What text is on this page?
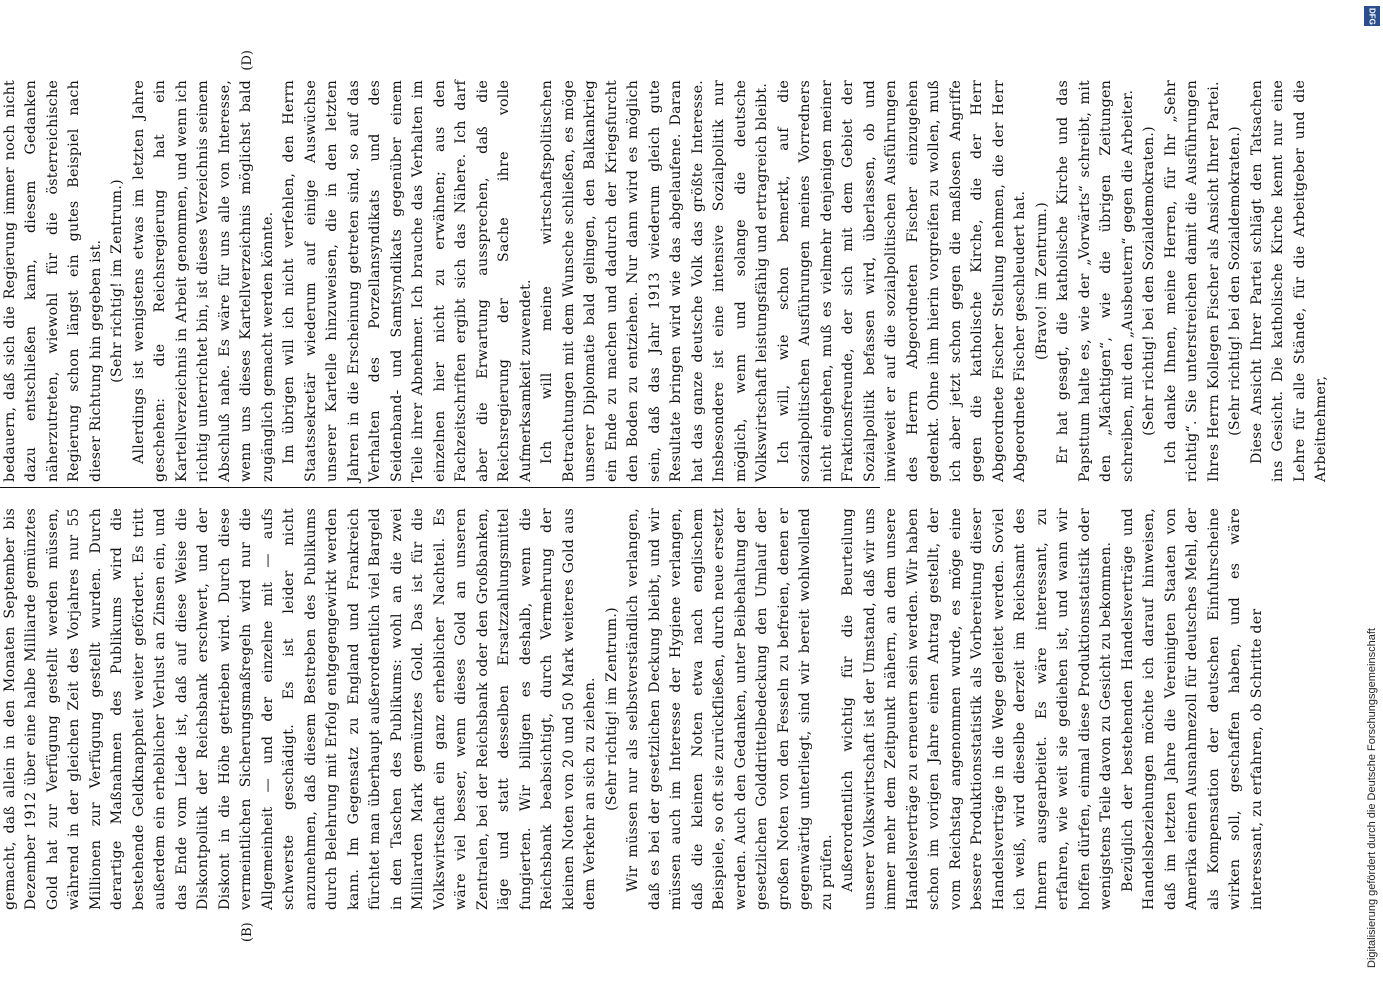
(B)
(D)

gemacht, daß allein in den Monaten September bis Dezember 1912 über eine halbe Milliarde gemünztes Gold hat zur Verfügung gestellt werden müssen, während in der gleichen Zeit des Vorjahres nur 55 Millionen zur Verfügung gestellt wurden. Durch derartige Maßnahmen des Publikums wird die bestehende Geldknappheit weiter gefördert. Es tritt außerdem ein erheblicher Verlust an Zinsen ein, und das Ende vom Liede ist, daß auf diese Weise die Diskontpolitik der Reichsbank erschwert, und der Diskont in die Höhe getrieben wird. Durch diese vermeintlichen Sicherungsmaßregeln wird nur die Allgemeinheit — und der einzelne mit — aufs schwerste geschädigt. Es ist leider nicht anzunehmen, daß diesem Bestreben des Publikums durch Belehrung mit Erfolg entgegengewirkt werden kann. Im Gegensatz zu England und Frankreich fürchtet man überhaupt außerordentlich viel Bargeld in den Taschen des Publikums: wohl an die zwei Milliarden Mark gemünztes Gold. Das ist für die Volkswirtschaft ein ganz erheblicher Nachteil. Es wäre viel besser, wenn dieses Gold an unseren Zentralen, bei der Reichsbank oder den Großbanken, läge und statt desselben Ersatzzahlungsmittel fungierten. Wir billigen es deshalb, wenn die Reichsbank beabsichtigt, durch Vermehrung der kleinen Noten von 20 und 50 Mark weiteres Gold aus dem Verkehr an sich zu ziehen. (Sehr richtig! im Zentrum.) Wir müssen nur als selbstverständlich verlangen, daß es bei der gesetzlichen Deckung bleibt, und wir müssen auch im Interesse der Hygiene verlangen, daß die kleinen Noten etwa nach englischem Beispiele, so oft sie zurückfließen, durch neue ersetzt werden. Auch den Gedanken, unter Beibehaltung der gesetzlichen Golddrittelbedeckung den Umlauf der großen Noten von den Fesseln zu befreien, denen er gegenwärtig unterliegt, sind wir bereit wohlwollend zu prüfen. Außerordentlich wichtig für die Beurteilung unserer Volkswirtschaft ist der Umstand, daß wir uns immer mehr dem Zeitpunkt nähern, an dem unsere Handelsverträge zu erneuern sein werden. Wir haben schon im vorigen Jahre einen Antrag gestellt, der vom Reichstag angenommen wurde, es möge eine bessere Produktionsstatistik als Vorbereitung dieser Handelsverträge in die Wege geleitet werden. Soviel ich weiß, wird dieselbe derzeit im Reichsamt des Innern ausgearbeitet. Es wäre interessant, zu erfahren, wie weit sie gediehen ist, und wann wir hoffen dürfen, einmal diese Produktionsstatistik oder wenigstens Teile davon zu Gesicht zu bekommen. Bezüglich der bestehenden Handelsverträge und Handelsbeziehungen möchte ich darauf hinweisen, daß im letzten Jahre die Vereinigten Staaten von Amerika einen Ausnahmezoll für deutsches Mehl, der als Kompensation der deutschen Einfuhrscheine wirken soll, geschaffen haben, und es wäre interessant, zu erfahren, ob Schritte der

bedauern, daß sich die Regierung immer noch nicht dazu entschließen kann, diesem Gedanken näherzutreten, wiewohl für die österreichische Regierung schon längst ein gutes Beispiel nach dieser Richtung hin gegeben ist. (Sehr richtig! im Zentrum.) Allerdings ist wenigstens etwas im letzten Jahre geschehen: die Reichsregierung hat ein Kartellverzeichnis in Arbeit genommen, und wenn ich richtig unterrichtet bin, ist dieses Verzeichnis seinem Abschluß nahe. Es wäre für uns alle von Interesse, wenn uns dieses Kartellverzeichnis möglichst bald zugänglich gemacht werden könnte. Im übrigen will ich nicht verfehlen, den Herrn Staatssekretär wiederum auf einige Auswüchse unserer Kartelle hinzuweisen, die in den letzten Jahren in die Erscheinung getreten sind, so auf das Verhalten des Porzellansyndikats und des Seidenband- und Samtsyndikats gegenüber einem Teile ihrer Abnehmer. Ich brauche das Verhalten im einzelnen hier nicht zu erwähnen; aus den Fachzeitschriften ergibt sich das Nähere. Ich darf aber die Erwartung aussprechen, daß die Reichsregierung der Sache ihre volle Aufmerksamkeit zuwendet. Ich will meine wirtschaftspolitischen Betrachtungen mit dem Wunsche schließen, es möge unserer Diplomatie bald gelingen, den Balkankrieg ein Ende zu machen und dadurch der Kriegsfurcht den Boden zu entziehen. Nur dann wird es möglich sein, daß das Jahr 1913 wiederum gleich gute Resultate bringen wird wie das abgelaufene. Daran hat das ganze deutsche Volk das größte Interesse. Insbesondere ist eine intensive Sozialpolitik nur möglich, wenn und solange die deutsche Volkswirtschaft leistungsfähig und ertragreich bleibt. Ich will, wie schon bemerkt, auf die sozialpolitischen Ausführungen meines Vorredners nicht eingehen, muß es vielmehr denjenigen meiner Fraktionsfreunde, der sich mit dem Gebiet der Sozialpolitik befassen wird, überlassen, ob und inwieweit er auf die sozialpolitischen Ausführungen des Herrn Abgeordneten Fischer einzugehen gedenkt. Ohne ihm hierin vorgreifen zu wollen, muß ich aber jetzt schon gegen die maßlosen Angriffe gegen die katholische Kirche, die der Herr Abgeordnete Fischer Stellung nehmen, die der Herr Abgeordnete Fischer geschleudert hat. (Bravo! im Zentrum.) Er hat gesagt, die katholische Kirche und das Papsttum halte es, wie der „Vorwärts“ schreibt, mit den „Mächtigen“, wie die übrigen Zeitungen schreiben, mit den „Ausbeutern“ gegen die Arbeiter. (Sehr richtig! bei den Sozialdemokraten.) Ich danke Ihnen, meine Herren, für Ihr „Sehr richtig“. Sie unterstreichen damit die Ausführungen Ihres Herrn Kollegen Fischer als Ansicht Ihrer Partei. (Sehr richtig! bei den Sozialdemokraten.) Diese Ansicht Ihrer Partei schlägt den Tatsachen ins Gesicht. Die katholische Kirche kennt nur eine Lehre für alle Stände, für die Arbeitgeber und die Arbeitnehmer,

DFG
Digitalisierung gefördert durch die Deutsche Forschungsgemeinschaft
